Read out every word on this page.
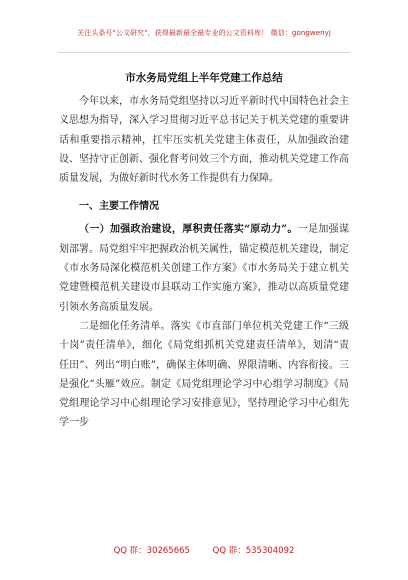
关注头条号"公文研究"，获得最新最全最专业的公文资料库！ 微信：gongwenyj
市水务局党组上半年党建工作总结

今年以来，市水务局党组坚持以习近平新时代中国特色社会主义思想为指导，深入学习贯彻习近平总书记关于机关党建的重要讲话和重要指示精神，扛牢压实机关党建主体责任，从加强政治建设、坚持守正创新、强化督考问效三个方面，推动机关党建工作高质量发展，为做好新时代水务工作提供有力保障。

一、主要工作情况

（一）加强政治建设，厚积责任落实“原动力”。一是加强谋划部署。局党组牢牢把握政治机关属性，锚定模范机关建设，制定《市水务局深化模范机关创建工作方案》《市水务局关于建立机关党建暨模范机关建设市县联动工作实施方案》，推动以高质量党建引领水务高质量发展。

二是细化任务清单。落实《市直部门单位机关党建工作“三级十岗”责任清单》，细化《局党组抓机关党建责任清单》，划清“责任田”、列出“明白账”，确保主体明确、界限清晰、内容衔接。三是强化“头雁”效应。制定《局党组理论学习中心组学习制度》《局党组理论学习中心组理论学习安排意见》，坚持理论学习中心组先学一步

QQ 群：30265665	QQ 群：535304092
